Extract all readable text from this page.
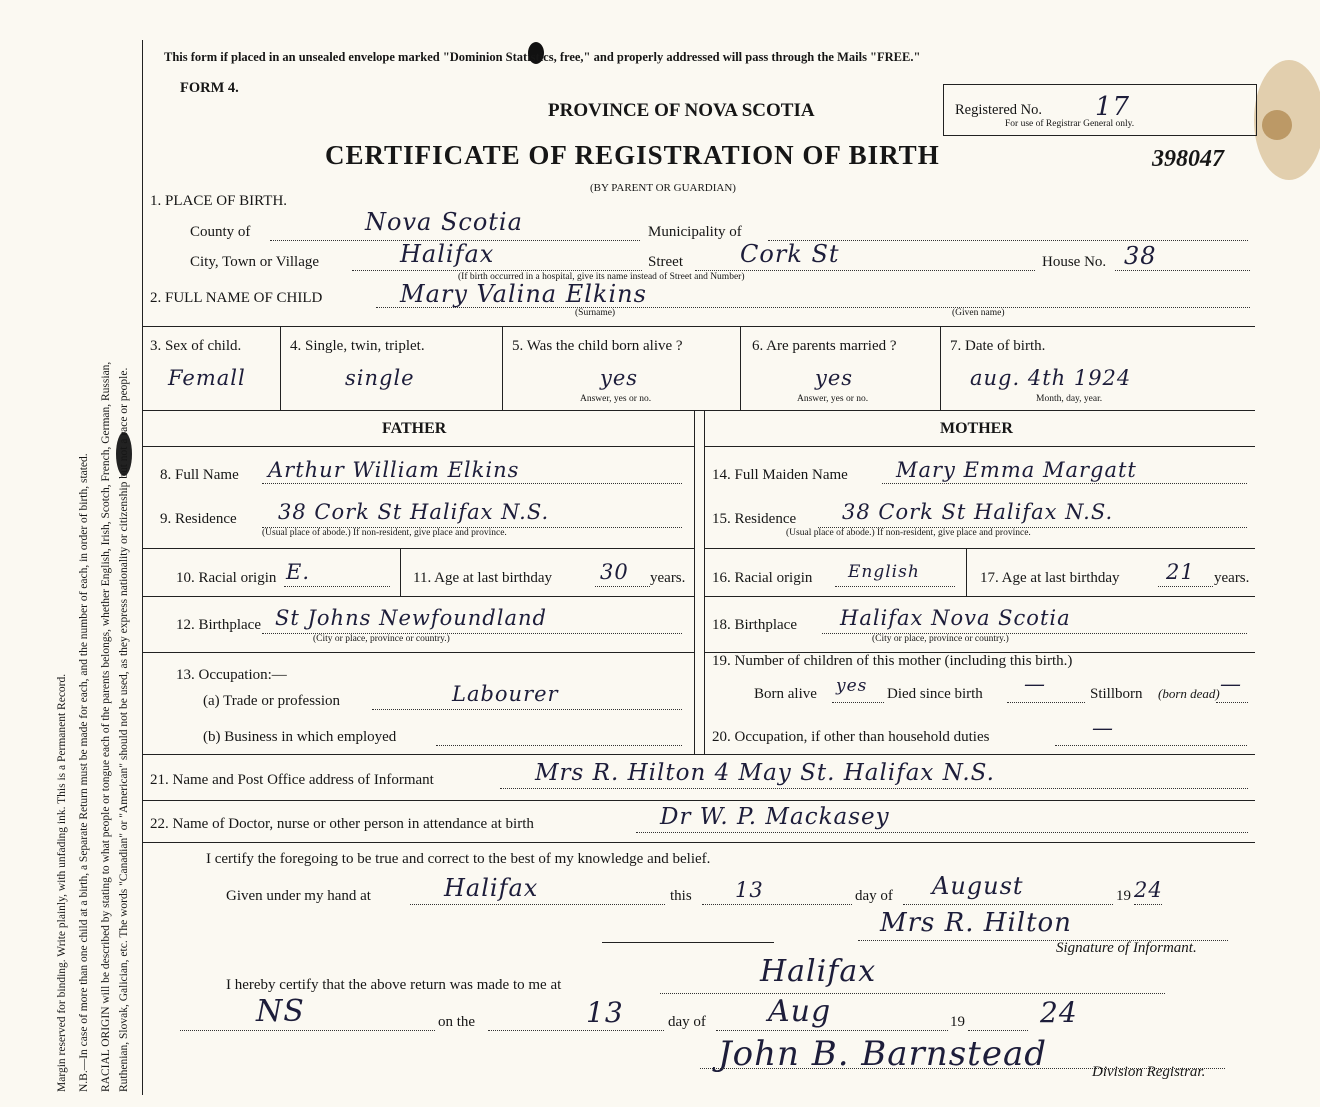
Margin reserved for binding. Write plainly, with unfading ink. This is a Permanent Record. N.B.—In case of more than one child at a birth, a Separate Return must be made for each, and the number of each, in order of birth, stated. RACIAL ORIGIN will be described by stating to what people or tongue each of the parents belongs, whether English, Irish, Scotch, French, German, Russian, Ruthenian, Slovak, Galician, etc. The words "Canadian" or "American" should not be used, as they express nationality or citizenship but not a race or people.
This form if placed in an unsealed envelope marked "Dominion Statistics, free," and properly addressed will pass through the Mails "FREE."
FORM 4.
PROVINCE OF NOVA SCOTIA
CERTIFICATE OF REGISTRATION OF BIRTH
(BY PARENT OR GUARDIAN)
Registered No. 17
For use of Registrar General only.
398047
1. PLACE OF BIRTH.
County of	Nova Scotia	Municipality of
City, Town or Village	Halifax	Street Cork St	House No. 38
(If birth occurred in a hospital, give its name instead of Street and Number)
2. FULL NAME OF CHILD	Mary Valina Elkins
(Surname)	(Given name)
3. Sex of child.
Femall
4. Single, twin, triplet.
single
5. Was the child born alive ?
yes
Answer, yes or no.
6. Are parents married ?
yes
Answer, yes or no.
7. Date of birth.
aug. 4th 1924
Month, day, year.
FATHER	MOTHER
8. Full Name Arthur William Elkins
9. Residence 38 Cork St Halifax N.S.
(Usual place of abode.) If non-resident, give place and province.
10. Racial origin E.	11. Age at last birthday 30 years.
12. Birthplace St Johns Newfoundland
(City or place, province or country.)
13. Occupation:—
(a) Trade or profession	Labourer
(b) Business in which employed
14. Full Maiden Name Mary Emma Margatt
15. Residence 38 Cork St Halifax N.S.
(Usual place of abode.) If non-resident, give place and province.
16. Racial origin English	17. Age at last birthday 21 years.
18. Birthplace Halifax Nova Scotia
(City or place, province or country.)
19. Number of children of this mother (including this birth.)
Born alive yes Died since birth —	Stillborn (born dead) —
20. Occupation, if other than household duties	—
21. Name and Post Office address of Informant	Mrs R. Hilton 4 May St. Halifax N.S.
22. Name of Doctor, nurse or other person in attendance at birth	Dr W. P. Mackasey
I certify the foregoing to be true and correct to the best of my knowledge and belief.
Given under my hand at	Halifax	this 13	day of August	19 24
Mrs R. Hilton
Signature of Informant.
I hereby certify that the above return was made to me at	Halifax
NS	on the	13	day of Aug	19	24
John B. Barnstead	Division Registrar.
